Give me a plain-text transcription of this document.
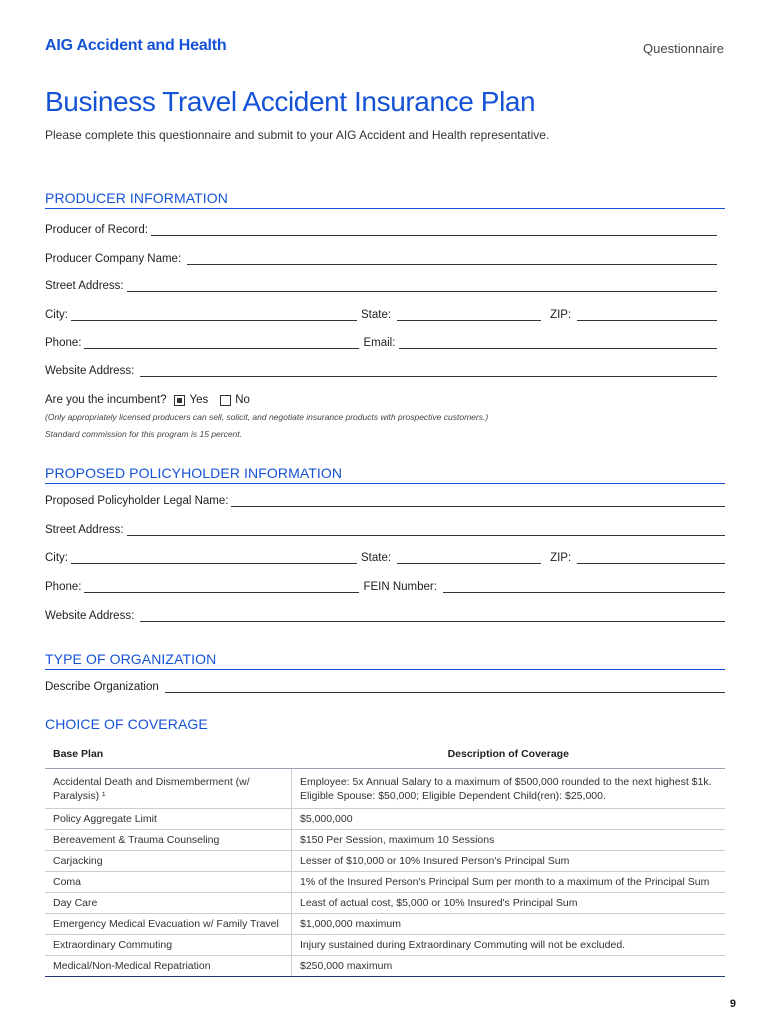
AIG Accident and Health	Questionnaire
Business Travel Accident Insurance Plan
Please complete this questionnaire and submit to your AIG Accident and Health representative.
PRODUCER INFORMATION
Producer of Record:
Producer Company Name:
Street Address:
City:	State:	ZIP:
Phone:	Email:
Website Address:
Are you the incumbent? Yes No
(Only appropriately licensed producers can sell, solicit, and negotiate insurance products with prospective customers.)
Standard commission for this program is 15 percent.
PROPOSED POLICYHOLDER INFORMATION
Proposed Policyholder Legal Name:
Street Address:
City:	State:	ZIP:
Phone:	FEIN Number:
Website Address:
TYPE OF ORGANIZATION
Describe Organization
CHOICE OF COVERAGE
Base Plan	Description of Coverage
Accidental Death and Dismemberment (w/ Paralysis) ¹	Employee: 5x Annual Salary to a maximum of $500,000 rounded to the next highest $1k. Eligible Spouse: $50,000; Eligible Dependent Child(ren): $25,000.
Policy Aggregate Limit	$5,000,000
Bereavement & Trauma Counseling	$150 Per Session, maximum 10 Sessions
Carjacking	Lesser of $10,000 or 10% Insured Person's Principal Sum
Coma	1% of the Insured Person's Principal Sum per month to a maximum of the Principal Sum
Day Care	Least of actual cost, $5,000 or 10% Insured's Principal Sum
Emergency Medical Evacuation w/ Family Travel	$1,000,000 maximum
Extraordinary Commuting	Injury sustained during Extraordinary Commuting will not be excluded.
Medical/Non-Medical Repatriation	$250,000 maximum
9
